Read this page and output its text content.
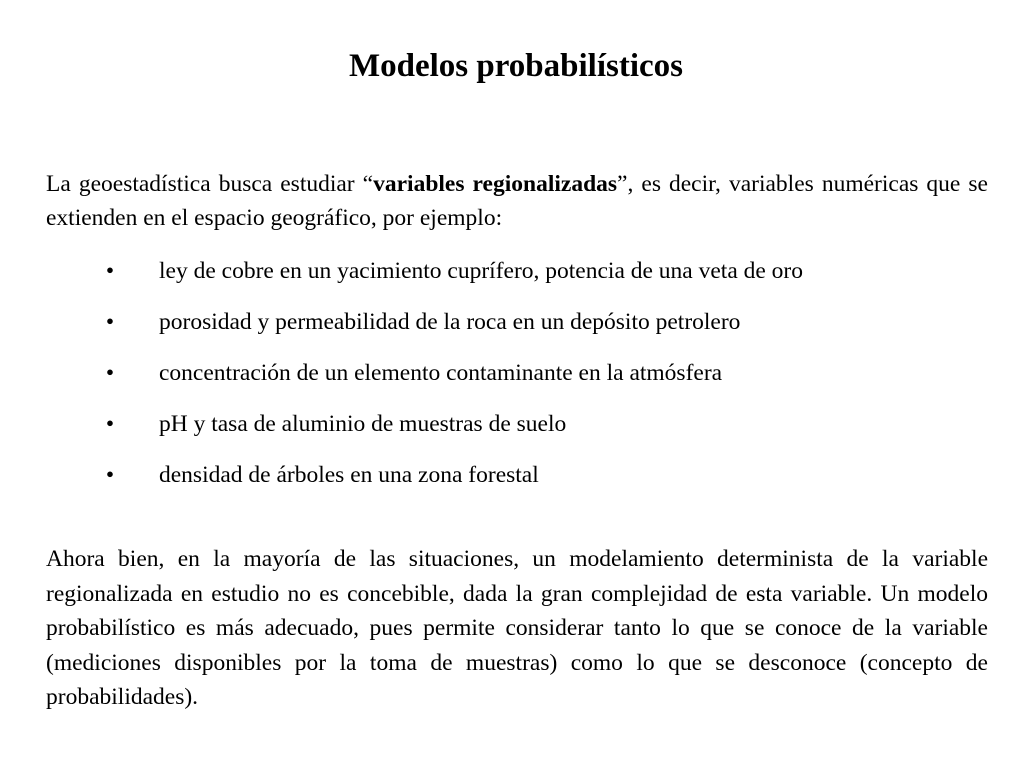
Modelos probabilísticos

La geoestadística busca estudiar “variables regionalizadas”, es decir, variables numéricas que se extienden en el espacio geográfico, por ejemplo:

• ley de cobre en un yacimiento cuprífero, potencia de una veta de oro
• porosidad y permeabilidad de la roca en un depósito petrolero
• concentración de un elemento contaminante en la atmósfera
• pH y tasa de aluminio de muestras de suelo
• densidad de árboles en una zona forestal

Ahora bien, en la mayoría de las situaciones, un modelamiento determinista de la variable regionalizada en estudio no es concebible, dada la gran complejidad de esta variable. Un modelo probabilístico es más adecuado, pues permite considerar tanto lo que se conoce de la variable (mediciones disponibles por la toma de muestras) como lo que se desconoce (concepto de probabilidades).
